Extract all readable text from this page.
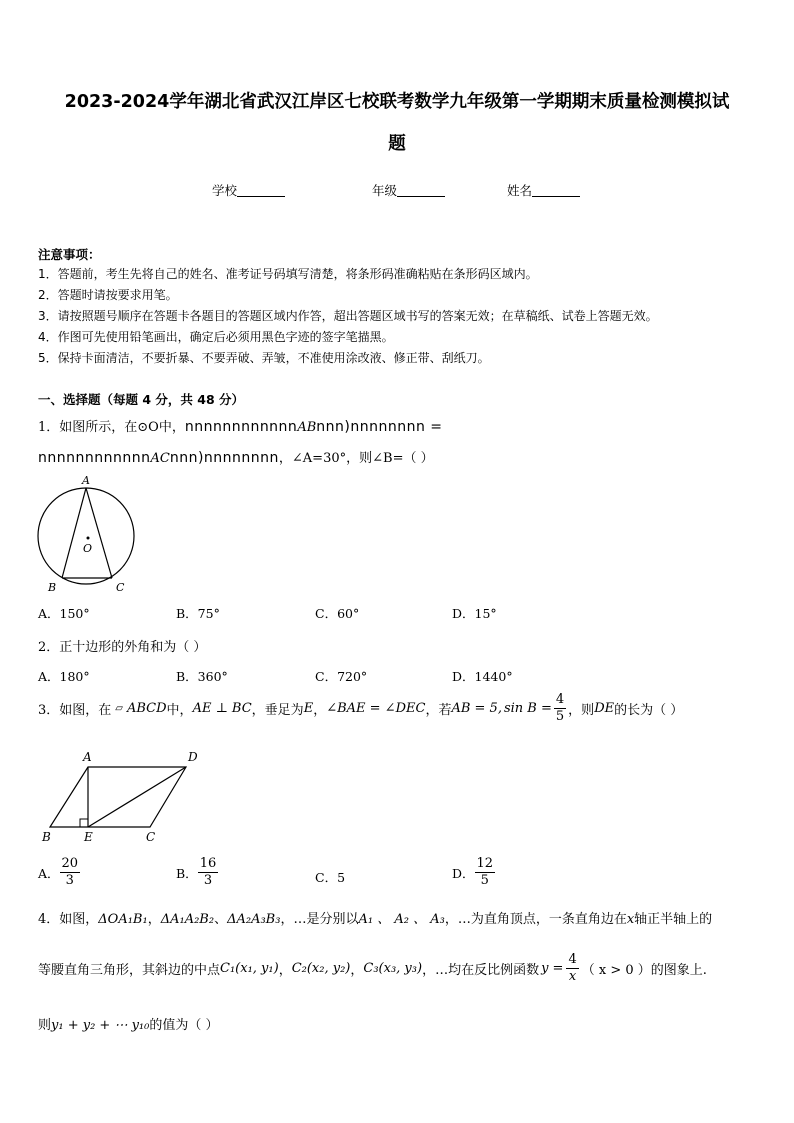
2023-2024学年湖北省武汉江岸区七校联考数学九年级第一学期期末质量检测模拟试
题
学校	年级	姓名
注意事项：
1．答题前，考生先将自己的姓名、准考证号码填写清楚，将条形码准确粘贴在条形码区域内。
2．答题时请按要求用笔。
3．请按照题号顺序在答题卡各题目的答题区域内作答，超出答题区域书写的答案无效；在草稿纸、试卷上答题无效。
4．作图可先使用铅笔画出，确定后必须用黑色字迹的签字笔描黑。
5．保持卡面清洁，不要折暴、不要弄破、弄皱，不准使用涂改液、修正带、刮纸刀。
一、选择题（每题 4 分，共 48 分）
1．如图所示，在⊙O中，nnnnnnnnnnnnABnnn)nnnnnnnn =
nnnnnnnnnnnnACnnn)nnnnnnnn，∠A=30°，则∠B=（ ）
A
O
B	C
A．150°	B．75°	C．60°	D．15°
2．正十边形的外角和为（ ）
A．180°	B．360°	C．720°	D．1440°
3．如图，在 ▱ ABCD 中， AE ⊥ BC ，垂足为 E ， ∠BAE = ∠DEC ，若 AB = 5, $\sin B = \frac{4}{5}$ ，则 DE 的长为（ ）
A	D
B	E	C
A． $\frac{20}{3}$	B． $\frac{16}{3}$	C． 5	D． $\frac{12}{5}$
4．如图，ΔOA₁B₁，ΔA₁A₂B₂、ΔA₂A₃B₃，…是分别以A₁ 、 A₂ 、 A₃，…为直角顶点，一条直角边在x轴正半轴上的
等腰直角三角形，其斜边的中点 C₁(x₁, y₁) ， C₂(x₂, y₂) ， C₃(x₃, y₃) ，…均在反比例函数 $y = \frac{4}{x}$ （ x > 0 ） 的图象上.
则y₁ + y₂ + ⋯ y₁₀的值为（ ）
